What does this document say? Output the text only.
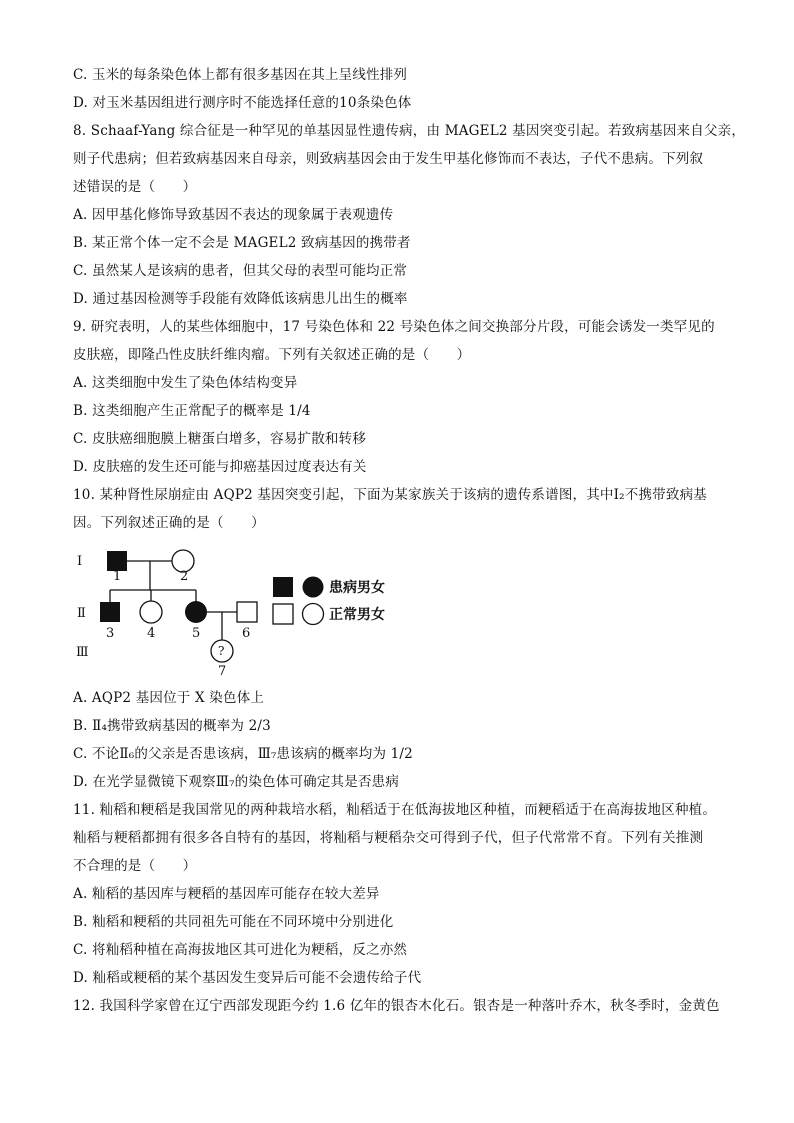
C. 玉米的每条染色体上都有很多基因在其上呈线性排列
D. 对玉米基因组进行测序时不能选择任意的10条染色体
8. Schaaf-Yang 综合征是一种罕见的单基因显性遗传病，由 MAGEL2 基因突变引起。若致病基因来自父亲，
则子代患病；但若致病基因来自母亲，则致病基因会由于发生甲基化修饰而不表达，子代不患病。下列叙
述错误的是（　　）
A. 因甲基化修饰导致基因不表达的现象属于表观遗传
B. 某正常个体一定不会是 MAGEL2 致病基因的携带者
C. 虽然某人是该病的患者，但其父母的表型可能均正常
D. 通过基因检测等手段能有效降低该病患儿出生的概率
9. 研究表明，人的某些体细胞中，17 号染色体和 22 号染色体之间交换部分片段，可能会诱发一类罕见的
皮肤癌，即隆凸性皮肤纤维肉瘤。下列有关叙述正确的是（　　）
A. 这类细胞中发生了染色体结构变异
B. 这类细胞产生正常配子的概率是 1/4
C. 皮肤癌细胞膜上糖蛋白增多，容易扩散和转移
D. 皮肤癌的发生还可能与抑癌基因过度表达有关
10. 某种肾性尿崩症由 AQP2 基因突变引起，下面为某家族关于该病的遗传系谱图，其中Ⅰ₂不携带致病基
因。下列叙述正确的是（　　）
Ⅰ
Ⅱ
Ⅲ
1	2
3	4	5	6
7
?
患病男女
正常男女
A. AQP2 基因位于 X 染色体上
B. Ⅱ₄携带致病基因的概率为 2/3
C. 不论Ⅱ₆的父亲是否患该病，Ⅲ₇患该病的概率均为 1/2
D. 在光学显微镜下观察Ⅲ₇的染色体可确定其是否患病
11. 籼稻和粳稻是我国常见的两种栽培水稻，籼稻适于在低海拔地区种植，而粳稻适于在高海拔地区种植。
籼稻与粳稻都拥有很多各自特有的基因，将籼稻与粳稻杂交可得到子代，但子代常常不育。下列有关推测
不合理的是（　　）
A. 籼稻的基因库与粳稻的基因库可能存在较大差异
B. 籼稻和粳稻的共同祖先可能在不同环境中分别进化
C. 将籼稻种植在高海拔地区其可进化为粳稻，反之亦然
D. 籼稻或粳稻的某个基因发生变异后可能不会遗传给子代
12. 我国科学家曾在辽宁西部发现距今约 1.6 亿年的银杏木化石。银杏是一种落叶乔木，秋冬季时，金黄色
